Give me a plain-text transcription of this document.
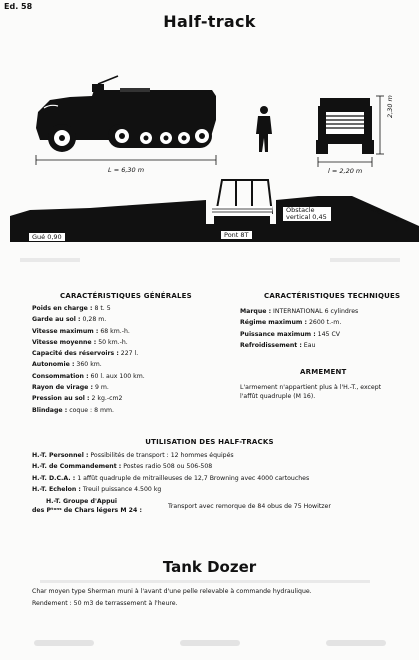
Ed. 58
Half-track
L = 6,30 m	l = 2,20 m
2,30 m
Pente 60%
Gué 0,90
Obstacle vertical 0,45
Pont 8T
CARACTÉRISTIQUES GÉNÉRALES
Poids en charge : 8 t. 5
Garde au sol : 0,28 m.
Vitesse maximum : 68 km.-h.
Vitesse moyenne : 50 km.-h.
Capacité des réservoirs : 227 l.
Autonomie : 360 km.
Consommation : 60 l. aux 100 km.
Rayon de virage : 9 m.
Pression au sol : 2 kg.-cm2
Blindage : coque : 8 mm.
CARACTÉRISTIQUES TECHNIQUES
Marque : INTERNATIONAL 6 cylindres
Régime maximum : 2600 t.-m.
Puissance maximum : 145 CV
Refroidissement : Eau
ARMEMENT
L'armement n'appartient plus à l'H.-T., except
l'affût quadruple (M 16).
UTILISATION DES HALF-TRACKS
H.-T. Personnel : Possibilités de transport : 12 hommes équipés
H.-T. de Commandement : Postes radio 508 ou 506-508
H.-T. D.C.A. : 1 affût quadruple de mitrailleuses de 12,7 Browning avec 4000 cartouches
H.-T. Echelon : Treuil puissance 4.500 kg
H.-T. Groupe d'Appui
des Pᵗᵒⁿˢ de Chars légers M 24 :
Transport avec remorque de 84 obus de 75 Howitzer
Tank Dozer
Char moyen type Sherman muni à l'avant d'une pelle relevable à commande hydraulique.
Rendement : 50 m3 de terrassement à l'heure.
